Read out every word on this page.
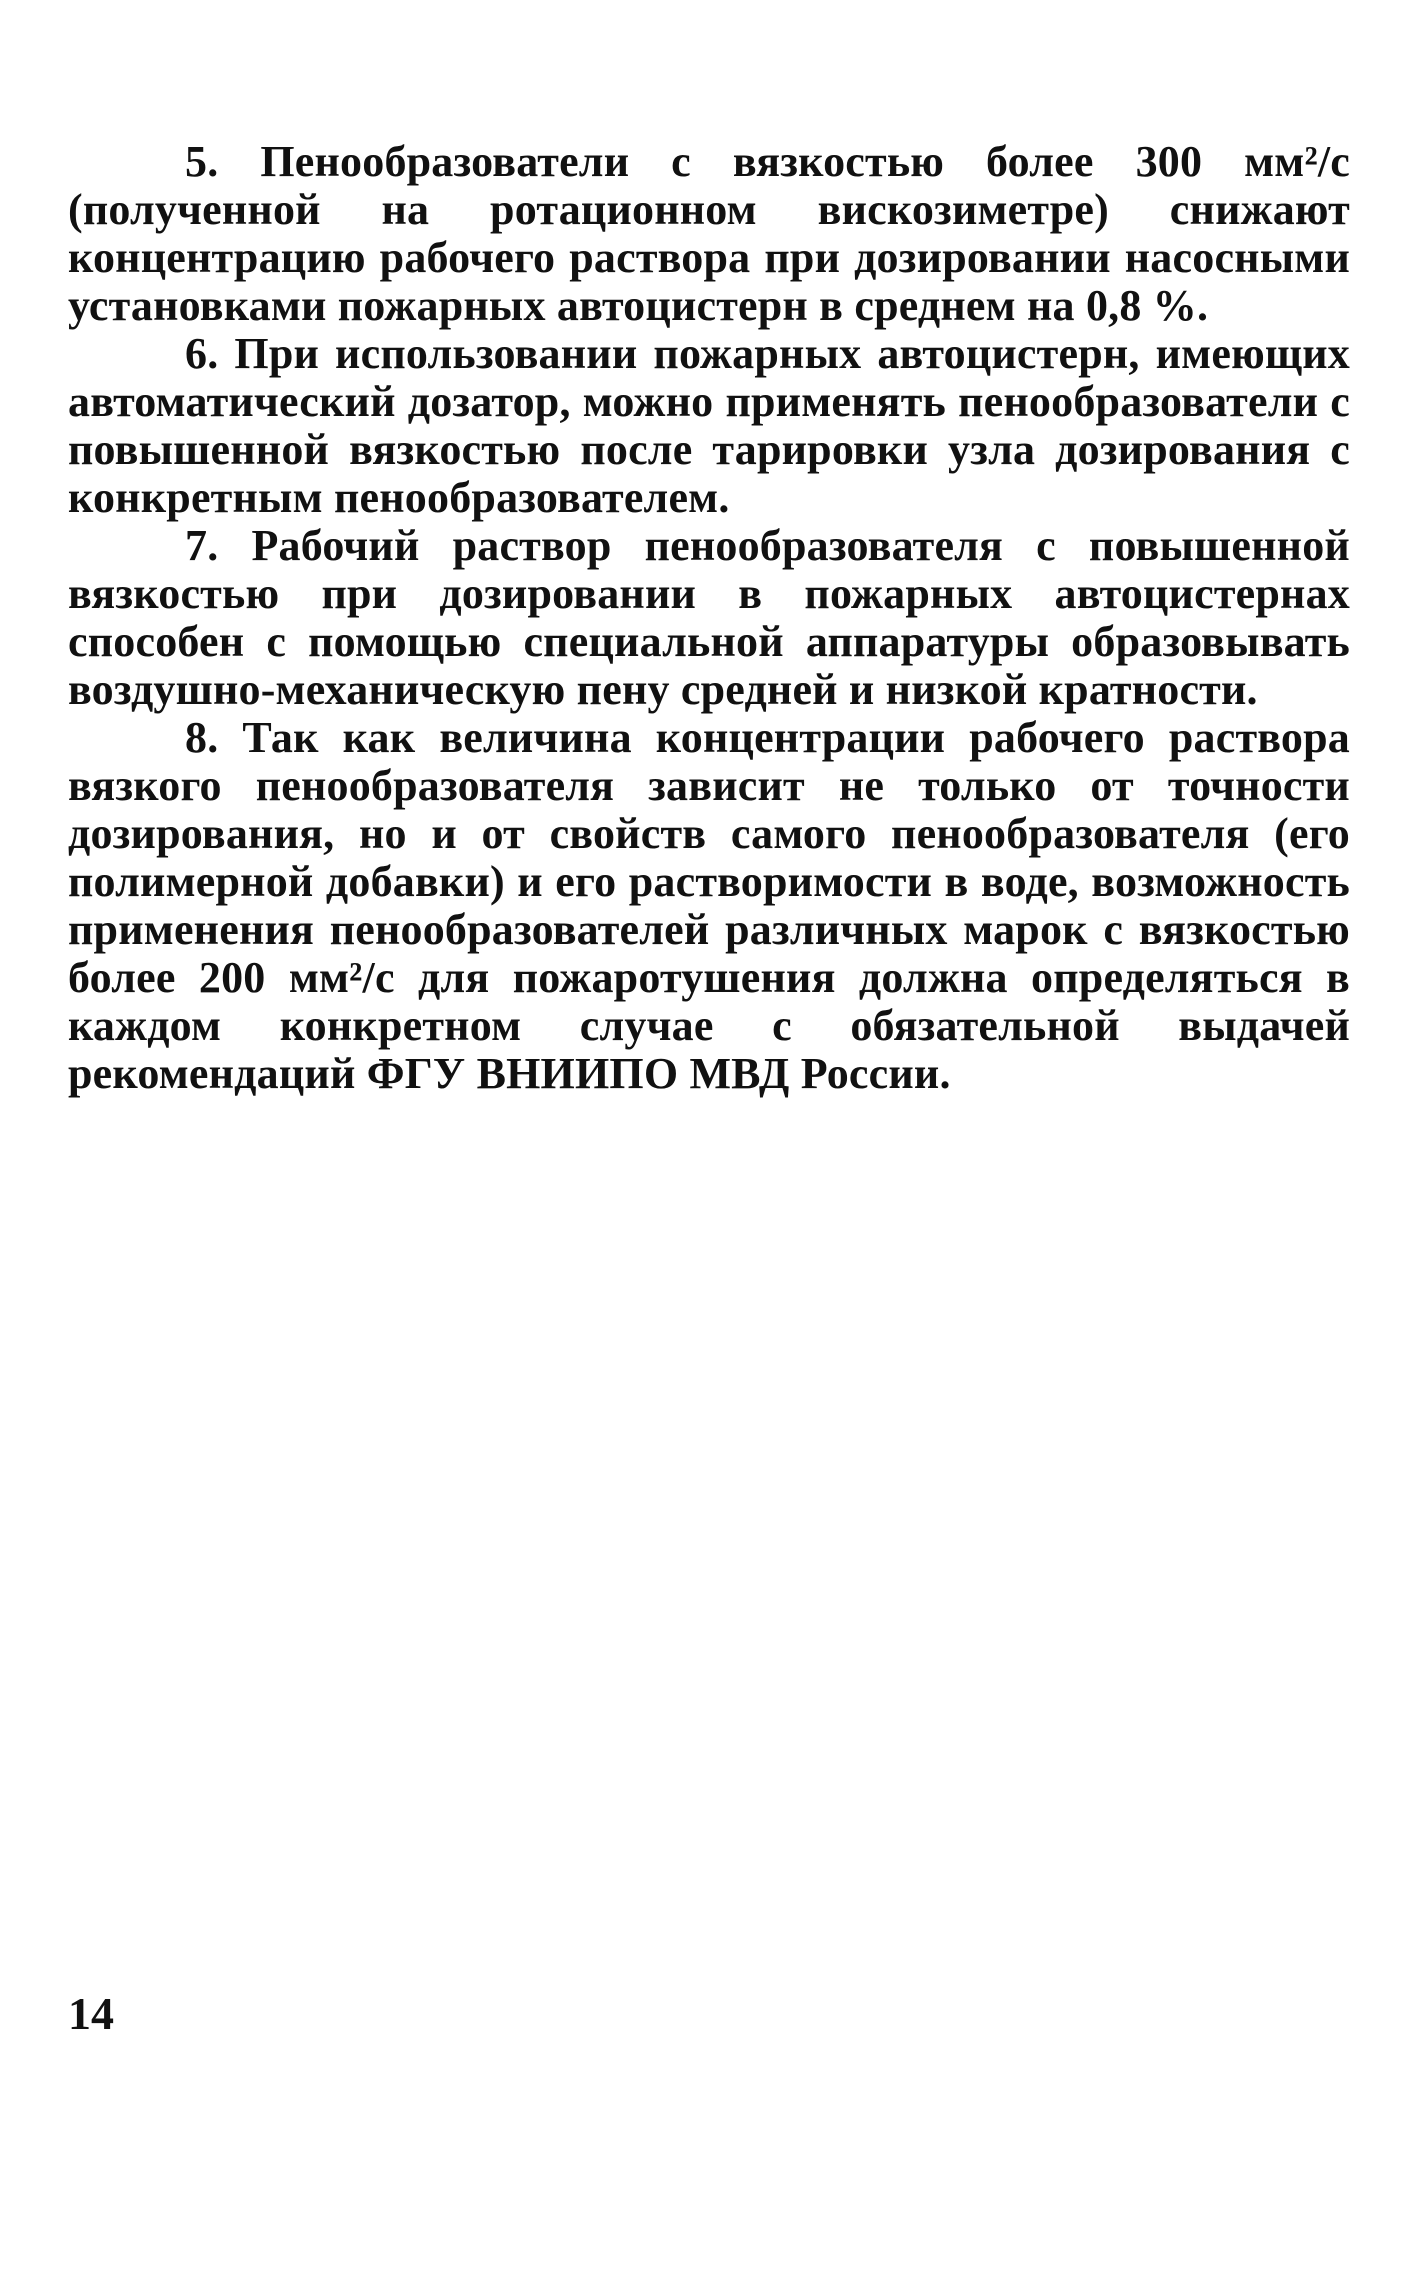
5. Пенообразователи с вязкостью более 300 мм²/с (полученной на ротационном вискозиметре) снижают концентрацию рабочего раствора при дозировании насосными установками пожарных автоцистерн в среднем на 0,8 %.

6. При использовании пожарных автоцистерн, имеющих автоматический дозатор, можно применять пенообразователи с повышенной вязкостью после тарировки узла дозирования с конкретным пенообразователем.

7. Рабочий раствор пенообразователя с повышенной вязкостью при дозировании в пожарных автоцистернах способен с помощью специальной аппаратуры образовывать воздушно-механическую пену средней и низкой кратности.

8. Так как величина концентрации рабочего раствора вязкого пенообразователя зависит не только от точности дозирования, но и от свойств самого пенообразователя (его полимерной добавки) и его растворимости в воде, возможность применения пенообразователей различных марок с вязкостью более 200 мм²/с для пожаротушения должна определяться в каждом конкретном случае с обязательной выдачей рекомендаций ФГУ ВНИИПО МВД России.

14
